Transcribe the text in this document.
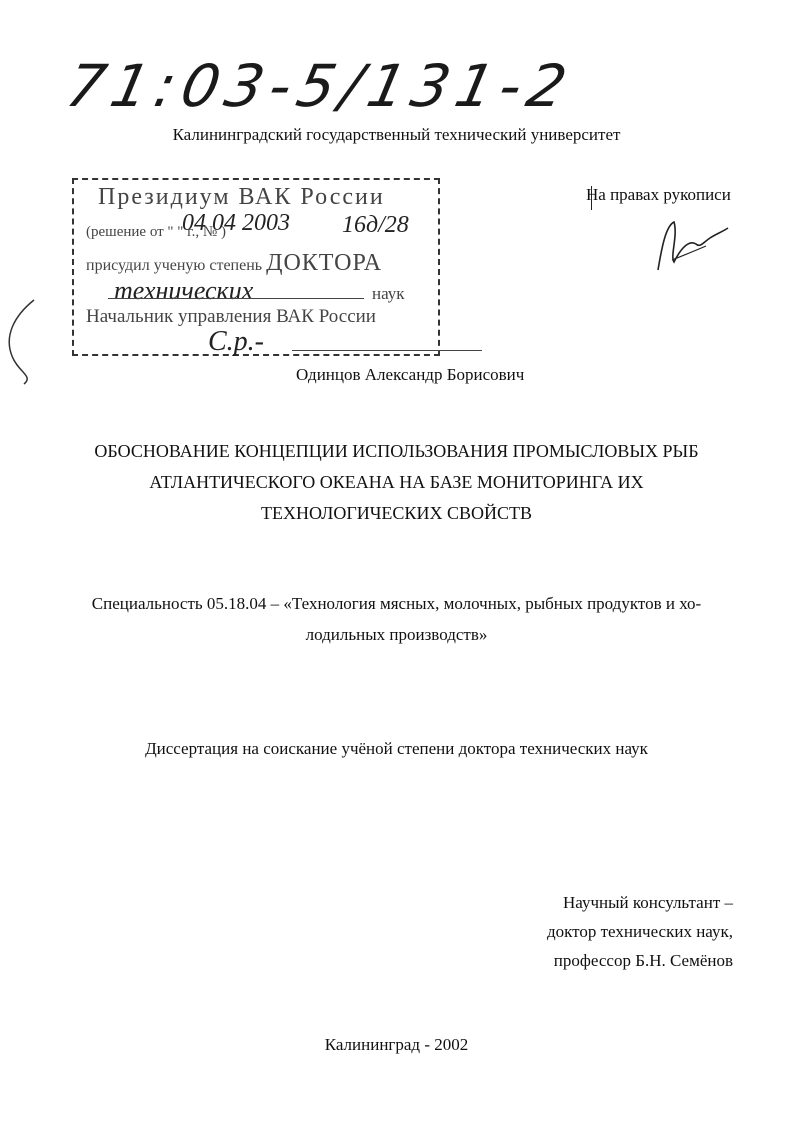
71:03-5/131-2
Калининградский государственный технический университет
Президиум ВАК России
(решение от " " г., № )
04 04 2003 16д/28
присудил ученую степень ДОКТОРА
технических	наук
Начальник управления ВАК России
С.р.-
На правах рукописи
Одинцов Александр Борисович
ОБОСНОВАНИЕ КОНЦЕПЦИИ ИСПОЛЬЗОВАНИЯ ПРОМЫСЛОВЫХ РЫБ
АТЛАНТИЧЕСКОГО ОКЕАНА НА БАЗЕ МОНИТОРИНГА ИХ
ТЕХНОЛОГИЧЕСКИХ СВОЙСТВ
Специальность 05.18.04 – «Технология мясных, молочных, рыбных продуктов и хо-
лодильных производств»
Диссертация на соискание учёной степени доктора технических наук
Научный консультант –
доктор технических наук,
профессор Б.Н. Семёнов
Калининград - 2002
